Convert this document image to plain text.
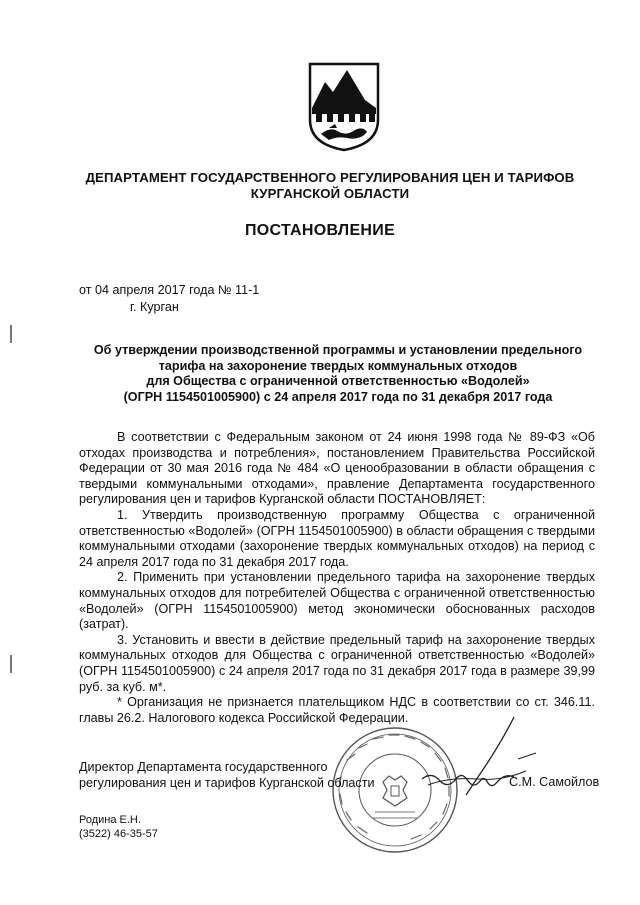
ДЕПАРТАМЕНТ ГОСУДАРСТВЕННОГО РЕГУЛИРОВАНИЯ ЦЕН И ТАРИФОВ
КУРГАНСКОЙ ОБЛАСТИ
ПОСТАНОВЛЕНИЕ
от 04 апреля 2017 года № 11-1
г. Курган
Об утверждении производственной программы и установлении предельного
тарифа на захоронение твердых коммунальных отходов
для Общества с ограниченной ответственностью «Водолей»
(ОГРН 1154501005900) с 24 апреля 2017 года по 31 декабря 2017 года

В соответствии с Федеральным законом от 24 июня 1998 года № 89-ФЗ «Об отходах производства и потребления», постановлением Правительства Российской Федерации от 30 мая 2016 года № 484 «О ценообразовании в области обращения с твердыми коммунальными отходами», правление Департамента государственного регулирования цен и тарифов Курганской области ПОСТАНОВЛЯЕТ:

1. Утвердить производственную программу Общества с ограниченной ответственностью «Водолей» (ОГРН 1154501005900) в области обращения с твердыми коммунальными отходами (захоронение твердых коммунальных отходов) на период с 24 апреля 2017 года по 31 декабря 2017 года.

2. Применить при установлении предельного тарифа на захоронение твердых коммунальных отходов для потребителей Общества с ограниченной ответственностью «Водолей» (ОГРН 1154501005900) метод экономически обоснованных расходов (затрат).

3. Установить и ввести в действие предельный тариф на захоронение твердых коммунальных отходов для Общества с ограниченной ответственностью «Водолей» (ОГРН 1154501005900) с 24 апреля 2017 года по 31 декабря 2017 года в размере 39,99 руб. за куб. м*.

* Организация не признается плательщиком НДС в соответствии со ст. 346.11. главы 26.2. Налогового кодекса Российской Федерации.

Директор Департамента государственного
регулирования цен и тарифов Курганской области	С.М. Самойлов
Родина Е.Н.
(3522) 46-35-57
